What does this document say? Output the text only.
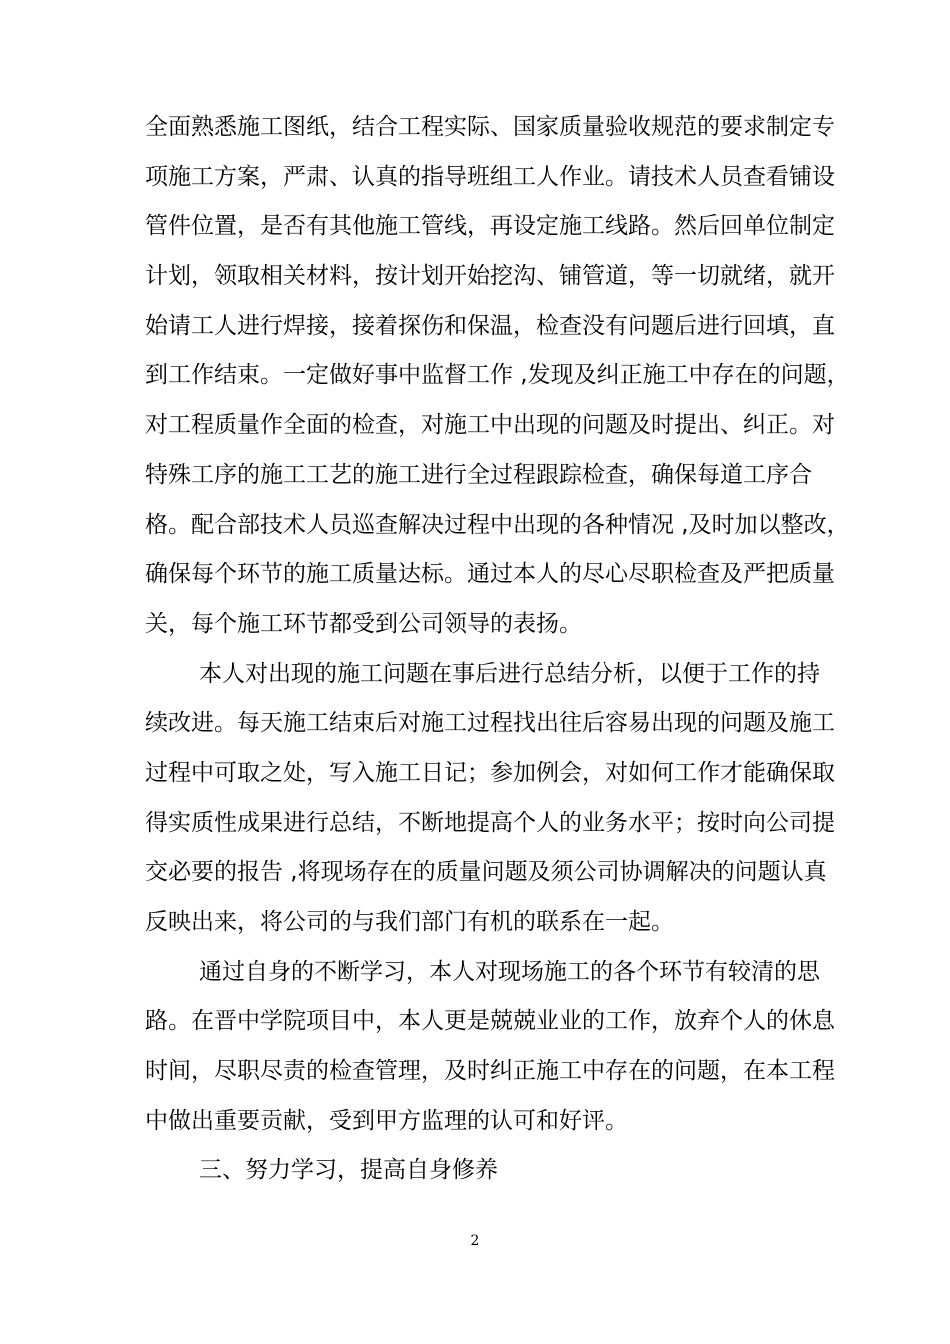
全面熟悉施工图纸，结合工程实际、国家质量验收规范的要求制定专
项施工方案，严肃、认真的指导班组工人作业。请技术人员查看铺设
管件位置，是否有其他施工管线，再设定施工线路。然后回单位制定
计划，领取相关材料，按计划开始挖沟、铺管道，等一切就绪，就开
始请工人进行焊接，接着探伤和保温，检查没有问题后进行回填，直
到工作结束。一定做好事中监督工作 ,发现及纠正施工中存在的问题，
对工程质量作全面的检查，对施工中出现的问题及时提出、纠正。对
特殊工序的施工工艺的施工进行全过程跟踪检查，确保每道工序合
格。配合部技术人员巡查解决过程中出现的各种情况 ,及时加以整改，
确保每个环节的施工质量达标。通过本人的尽心尽职检查及严把质量
关，每个施工环节都受到公司领导的表扬。
本人对出现的施工问题在事后进行总结分析，以便于工作的持
续改进。每天施工结束后对施工过程找出往后容易出现的问题及施工
过程中可取之处，写入施工日记；参加例会，对如何工作才能确保取
得实质性成果进行总结，不断地提高个人的业务水平；按时向公司提
交必要的报告 ,将现场存在的质量问题及须公司协调解决的问题认真
反映出来，将公司的与我们部门有机的联系在一起。
通过自身的不断学习，本人对现场施工的各个环节有较清的思
路。在晋中学院项目中，本人更是兢兢业业的工作，放弃个人的休息
时间，尽职尽责的检查管理，及时纠正施工中存在的问题，在本工程
中做出重要贡献，受到甲方监理的认可和好评。
三、努力学习，提高自身修养
2
